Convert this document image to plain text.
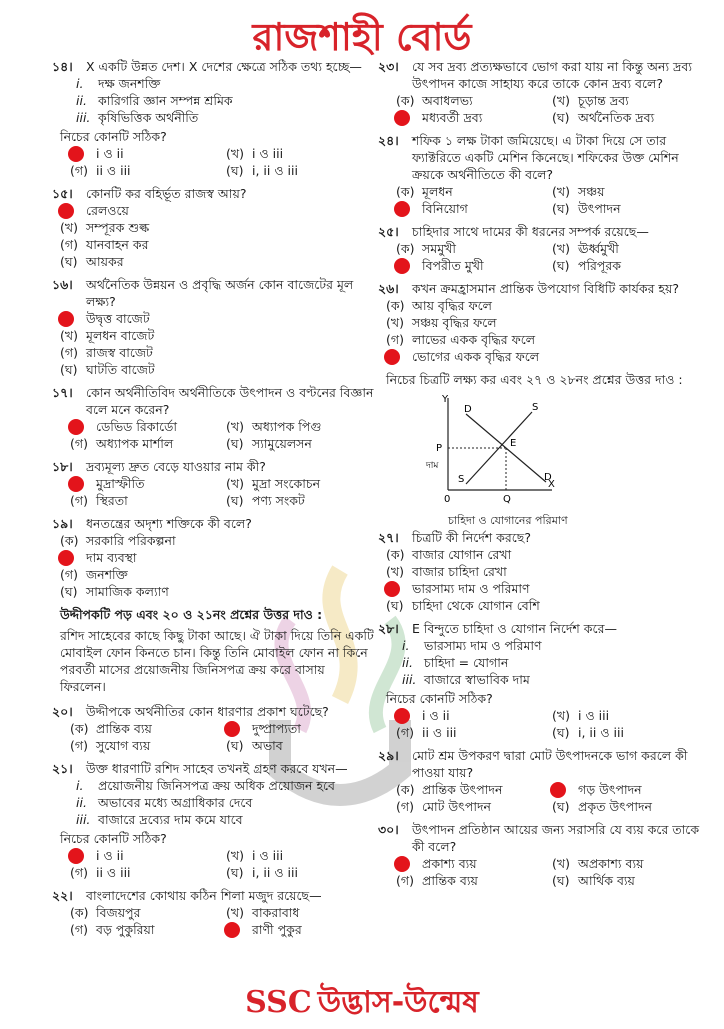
রাজশাহী বোর্ড
১৪।	X একটি উন্নত দেশ। X দেশের ক্ষেত্রে সঠিক তথ্য হচ্ছে—
i. দক্ষ জনশক্তি
ii. কারিগরি জ্ঞান সম্পন্ন শ্রমিক
iii. কৃষিভিত্তিক অর্থনীতি
নিচের কোনটি সঠিক?
i ও ii	(খ) i ও iii
(গ) ii ও iii	(ঘ) i, ii ও iii
১৫।	কোনটি কর বহির্ভূত রাজস্ব আয়?
রেলওয়ে
(খ) সম্পূরক শুল্ক
(গ) যানবাহন কর
(ঘ) আয়কর
১৬।	অর্থনৈতিক উন্নয়ন ও প্রবৃদ্ধি অর্জন কোন বাজেটের মূল লক্ষ্য?
উদ্বৃত্ত বাজেট
(খ) মূলধন বাজেট
(গ) রাজস্ব বাজেট
(ঘ) ঘাটতি বাজেট
১৭।	কোন অর্থনীতিবিদ অর্থনীতিকে উৎপাদন ও বণ্টনের বিজ্ঞান বলে মনে করেন?
ডেভিড রিকার্ডো	(খ) অধ্যাপক পিগু
(গ) অধ্যাপক মার্শাল	(ঘ) স্যামুয়েলসন
১৮।	দ্রব্যমূল্য দ্রুত বেড়ে যাওয়ার নাম কী?
মুদ্রাস্ফীতি	(খ) মুদ্রা সংকোচন
(গ) স্থিরতা	(ঘ) পণ্য সংকট
১৯।	ধনতন্ত্রের অদৃশ্য শক্তিকে কী বলে?
(ক) সরকারি পরিকল্পনা
দাম ব্যবস্থা
(গ) জনশক্তি
(ঘ) সামাজিক কল্যাণ
উদ্দীপকটি পড় এবং ২০ ও ২১নং প্রশ্নের উত্তর দাও :
রশিদ সাহেবের কাছে কিছু টাকা আছে। ঐ টাকা দিয়ে তিনি একটি মোবাইল ফোন কিনতে চান। কিন্তু তিনি মোবাইল ফোন না কিনে পরবর্তী মাসের প্রয়োজনীয় জিনিসপত্র ক্রয় করে বাসায় ফিরলেন।
২০।	উদ্দীপকে অর্থনীতির কোন ধারণার প্রকাশ ঘটেছে?
(ক) প্রান্তিক ব্যয়	দুষ্প্রাপ্যতা
(গ) সুযোগ ব্যয়	(ঘ) অভাব
২১।	উক্ত ধারণাটি রশিদ সাহেব তখনই গ্রহণ করবে যখন—
i. প্রয়োজনীয় জিনিসপত্র ক্রয় অধিক প্রয়োজন হবে
ii. অভাবের মধ্যে অগ্রাধিকার দেবে
iii. বাজারে দ্রব্যের দাম কমে যাবে
নিচের কোনটি সঠিক?
i ও ii	(খ) i ও iii
(গ) ii ও iii	(ঘ) i, ii ও iii
২২।	বাংলাদেশের কোথায় কঠিন শিলা মজুদ রয়েছে—
(ক) বিজয়পুর	(খ) বাকরাবাধ
(গ) বড় পুকুরিয়া	রাণী পুকুর
২৩।	যে সব দ্রব্য প্রত্যক্ষভাবে ভোগ করা যায় না কিন্তু অন্য দ্রব্য উৎপাদন কাজে সাহায্য করে তাকে কোন দ্রব্য বলে?
(ক) অবাধলভ্য	(খ) চূড়ান্ত দ্রব্য
মধ্যবর্তী দ্রব্য	(ঘ) অর্থনৈতিক দ্রব্য
২৪।	শফিক ১ লক্ষ টাকা জমিয়েছে। এ টাকা দিয়ে সে তার ফ্যাক্টরিতে একটি মেশিন কিনেছে। শফিকের উক্ত মেশিন ক্রয়কে অর্থনীতিতে কী বলে?
(ক) মূলধন	(খ) সঞ্চয়
বিনিয়োগ	(ঘ) উৎপাদন
২৫।	চাহিদার সাথে দামের কী ধরনের সম্পর্ক রয়েছে—
(ক) সমমুখী	(খ) ঊর্ধ্বমুখী
বিপরীত মুখী	(ঘ) পরিপূরক
২৬।	কখন ক্রমহ্রাসমান প্রান্তিক উপযোগ বিধিটি কার্যকর হয়?
(ক) আয় বৃদ্ধির ফলে
(খ) সঞ্চয় বৃদ্ধির ফলে
(গ) লাভের একক বৃদ্ধির ফলে
ভোগের একক বৃদ্ধির ফলে
নিচের চিত্রটি লক্ষ্য কর এবং ২৭ ও ২৮নং প্রশ্নের উত্তর দাও :
Y
X
D	S
P	E
S	D
0	Q
দাম
চাহিদা ও যোগানের পরিমাণ
২৭।	চিত্রটি কী নির্দেশ করছে?
(ক) বাজার যোগান রেখা
(খ) বাজার চাহিদা রেখা
ভারসাম্য দাম ও পরিমাণ
(ঘ) চাহিদা থেকে যোগান বেশি
২৮।	E বিন্দুতে চাহিদা ও যোগান নির্দেশ করে—
i. ভারসাম্য দাম ও পরিমাণ
ii. চাহিদা = যোগান
iii. বাজারে স্বাভাবিক দাম
নিচের কোনটি সঠিক?
i ও ii	(খ) i ও iii
(গ) ii ও iii	(ঘ) i, ii ও iii
২৯।	মোট শ্রম উপকরণ দ্বারা মোট উৎপাদনকে ভাগ করলে কী পাওয়া যায়?
(ক) প্রান্তিক উৎপাদন	গড় উৎপাদন
(গ) মোট উৎপাদন	(ঘ) প্রকৃত উৎপাদন
৩০।	উৎপাদন প্রতিষ্ঠান আয়ের জন্য সরাসরি যে ব্যয় করে তাকে কী বলে?
প্রকাশ্য ব্যয়	(খ) অপ্রকাশ্য ব্যয়
(গ) প্রান্তিক ব্যয়	(ঘ) আর্থিক ব্যয়
SSC উদ্ভাস-উন্মেষ
